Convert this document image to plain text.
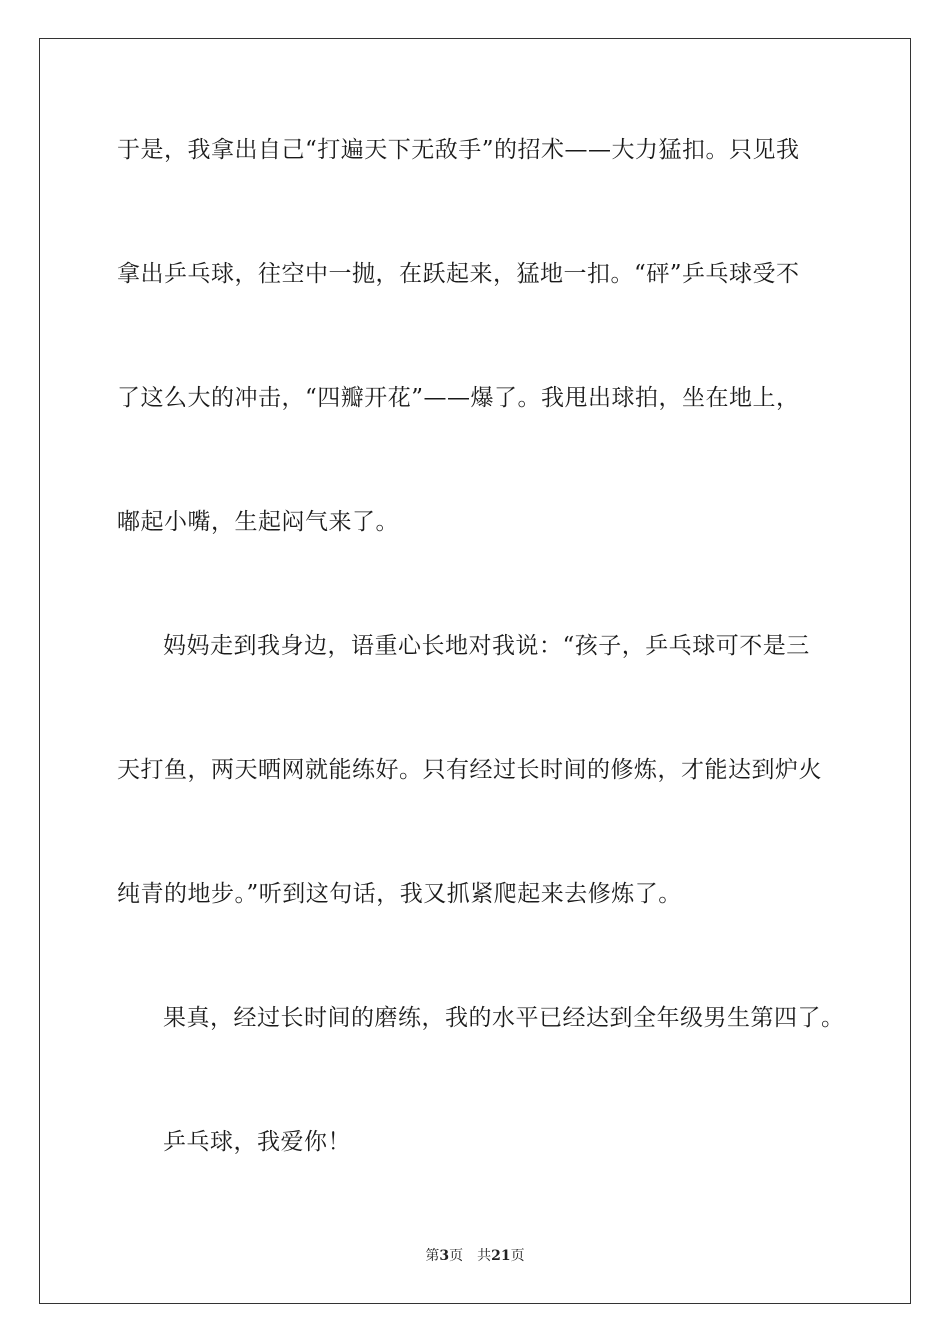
于是，我拿出自己“打遍天下无敌手”的招术——大力猛扣。只见我
拿出乒乓球，往空中一抛，在跃起来，猛地一扣。“砰”乒乓球受不
了这么大的冲击，“四瓣开花”——爆了。我甩出球拍，坐在地上，
嘟起小嘴，生起闷气来了。
妈妈走到我身边，语重心长地对我说：“孩子，乒乓球可不是三
天打鱼，两天晒网就能练好。只有经过长时间的修炼，才能达到炉火
纯青的地步。”听到这句话，我又抓紧爬起来去修炼了。
果真，经过长时间的磨练，我的水平已经达到全年级男生第四了。
乒乓球，我爱你！
第3页 共21页
